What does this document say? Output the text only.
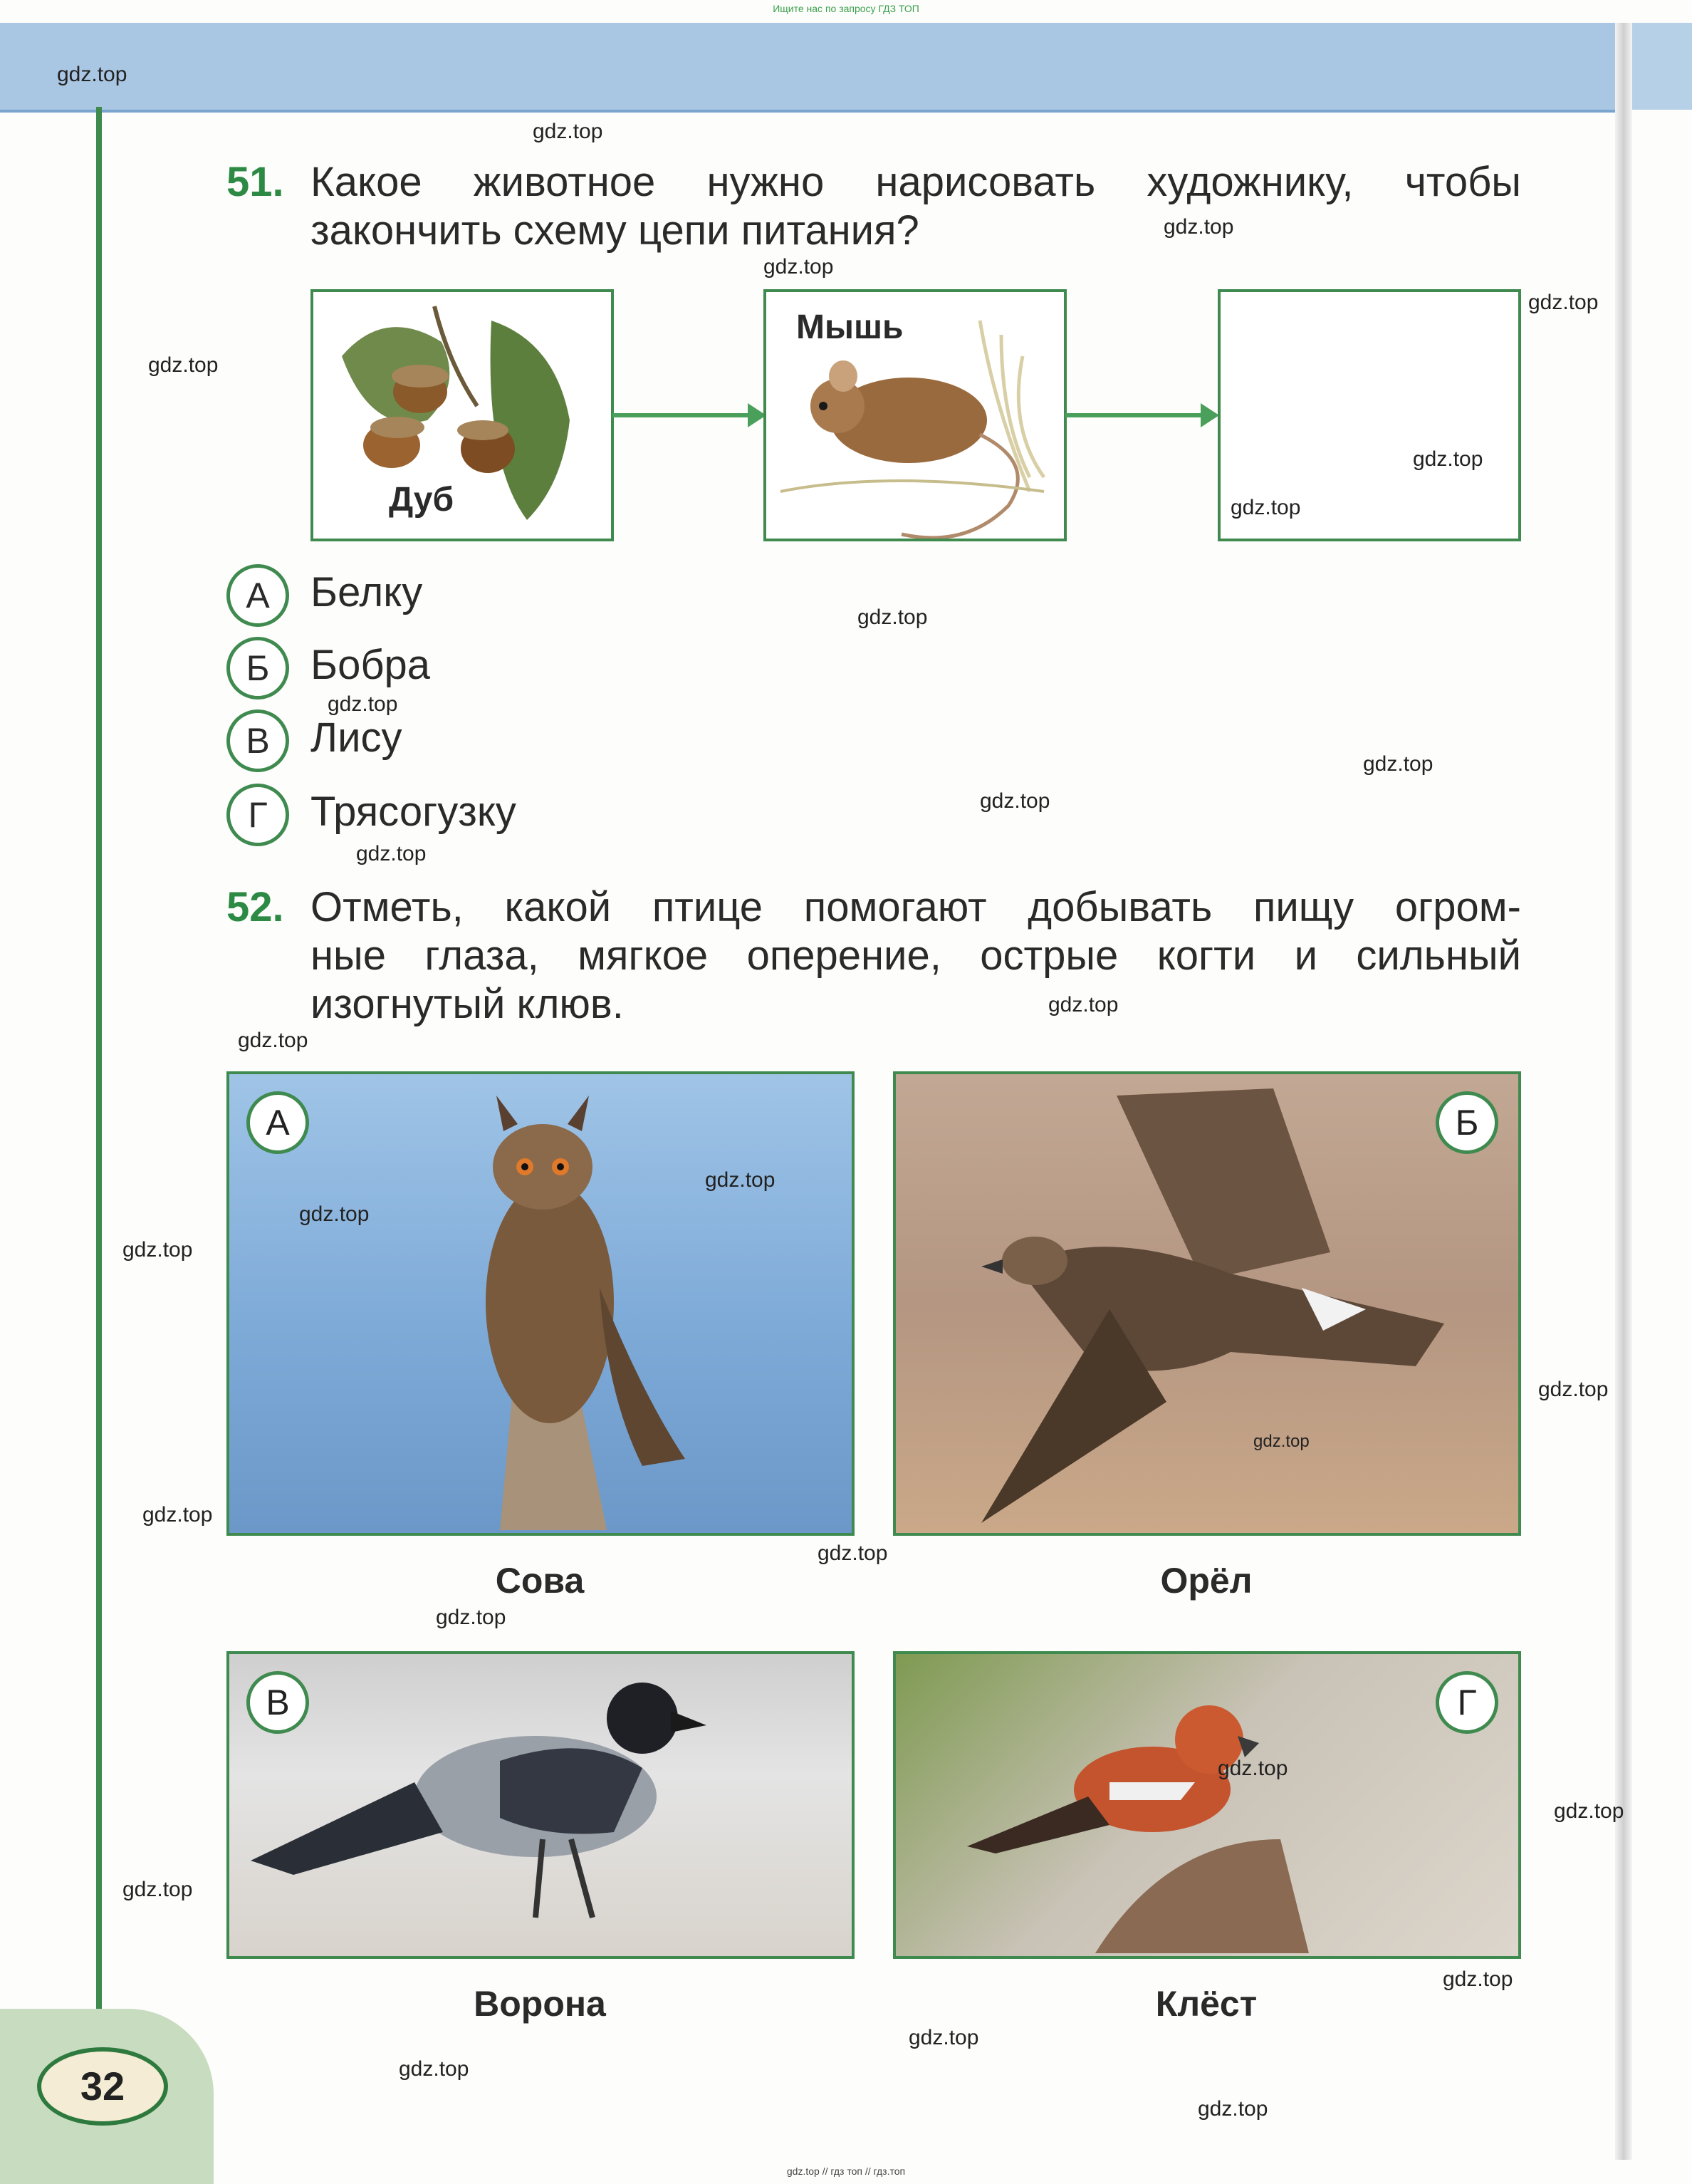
Ищите нас по запросу ГДЗ ТОП
51. Какое животное нужно нарисовать художнику, чтобы
закончить схему цепи питания?
Дуб
Мышь
А Белку
Б Бобра
В Лису
Г	Трясогузку
52. Отметь, какой птице помогают добывать пищу огром-
ные глаза, мягкое оперение, острые когти и сильный
изогнутый клюв.
А
Сова
Б
Орёл
В
Ворона
Г
Клёст
32
gdz.top
gdz.top
gdz.top
gdz.top
gdz.top
gdz.top
gdz.top
gdz.top
gdz.top
gdz.top
gdz.top
gdz.top
gdz.top
gdz.top
gdz.top
gdz.top
gdz.top
gdz.top
gdz.top
gdz.top
gdz.top
gdz.top
gdz.top
gdz.top
gdz.top
gdz.top
gdz.top
gdz.top
gdz.top
gdz.top
gdz.top // гдз топ // гдз.топ
